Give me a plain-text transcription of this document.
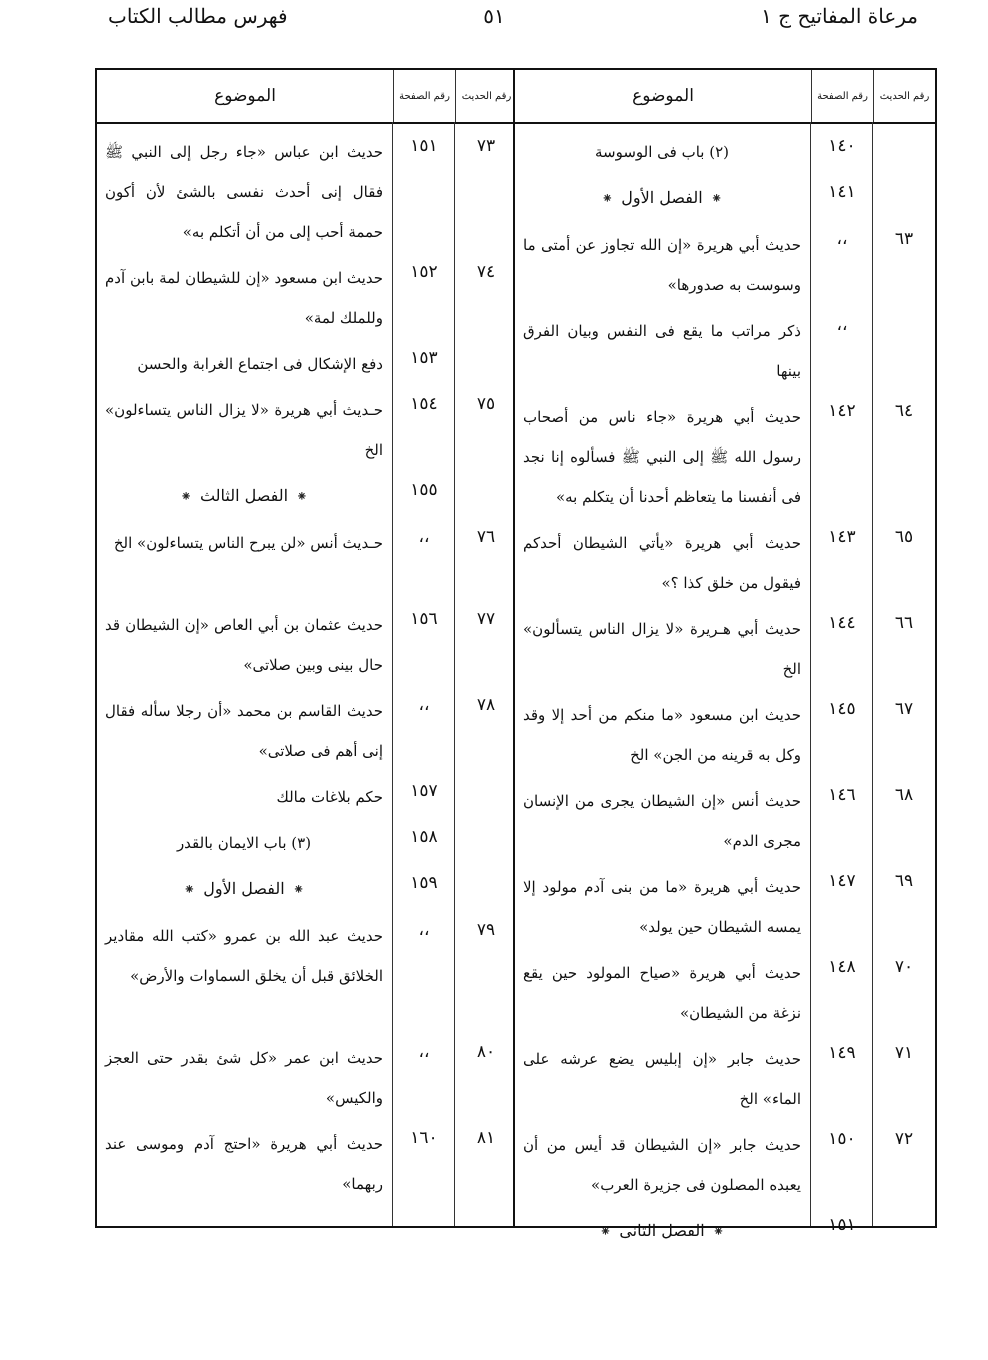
مرعاة المفاتيح ج ١
٥١
فهرس مطالب الكتاب
رقم الحديث
رقم الصفحة
الموضوع
١٤٠
(٢) باب فى الوسوسة
١٤١
⁕الفصل الأول⁕
٦٣
،،
حديث أبي هريرة «إن الله تجاوز عن أمتى ما وسوست به صدورها»
،،
ذكر مراتب ما يقع فى النفس وبيان الفرق بينها
٦٤
١٤٢
حديث أبي هريرة «جاء ناس من أصحاب رسول الله ﷺ إلى النبي ﷺ فسألوه إنا نجد فى أنفسنا ما يتعاظم أحدنا أن يتكلم به»
٦٥
١٤٣
حديث أبي هريرة «يأتي الشيطان أحدكم فيقول من خلق كذا ؟»
٦٦
١٤٤
حديث أبي هـريرة «لا يزال الناس يتسألون» الخ
٦٧
١٤٥
حديث ابن مسعود «ما منكم من أحد إلا وقد وكل به قرينه من الجن» الخ
٦٨
١٤٦
حديث أنس «إن الشيطان يجرى من الإنسان مجرى الدم»
٦٩
١٤٧
حديث أبي هريرة «ما من بنى آدم مولود إلا يمسه الشيطان حين يولد»
٧٠
١٤٨
حديث أبي هريرة «صياح المولود حين يقع نزغة من الشيطان»
٧١
١٤٩
حديث جابر «إن إبليس يضع عرشه على الماء» الخ
٧٢
١٥٠
حديث جابر «إن الشيطان قد أيس من أن يعبده المصلون فى جزيرة العرب»
١٥١
⁕الفصل الثانى⁕
رقم الحديث
رقم الصفحة
الموضوع
٧٣
١٥١
حديث ابن عباس «جاء رجل إلى النبي ﷺ فقال إنى أحدث نفسى بالشئ لأن أكون حممة أحب إلى من أن أتكلم به»
٧٤
١٥٢
حديث ابن مسعود «إن للشيطان لمة بابن آدم وللملك لمة»
١٥٣
دفع الإشكال فى اجتماع الغرابة والحسن
٧٥
١٥٤
حـديث أبي هريرة «لا يزال الناس يتساءلون» الخ
١٥٥
⁕الفصل الثالث⁕
٧٦
،،
حـديث أنس «لن يبرح الناس يتساءلون» الخ
٧٧
١٥٦
حديث عثمان بن أبي العاص «إن الشيطان قد حال بينى وبين صلاتى»
٧٨
،،
حديث القاسم بن محمد «أن رجلا سأله فقال إنى أهم فى صلاتى»
١٥٧
حكم بلاغات مالك
١٥٨
(٣) باب الايمان بالقدر
١٥٩
⁕الفصل الأول⁕
٧٩
،،
حديث عبد الله بن عمرو «كتب الله مقادير الخلائق قبل أن يخلق السماوات والأرض»
٨٠
،،
حديث ابن عمر «كل شئ بقدر حتى العجز والكيس»
٨١
١٦٠
حديث أبي هريرة «احتج آدم وموسى عند ربهما»
